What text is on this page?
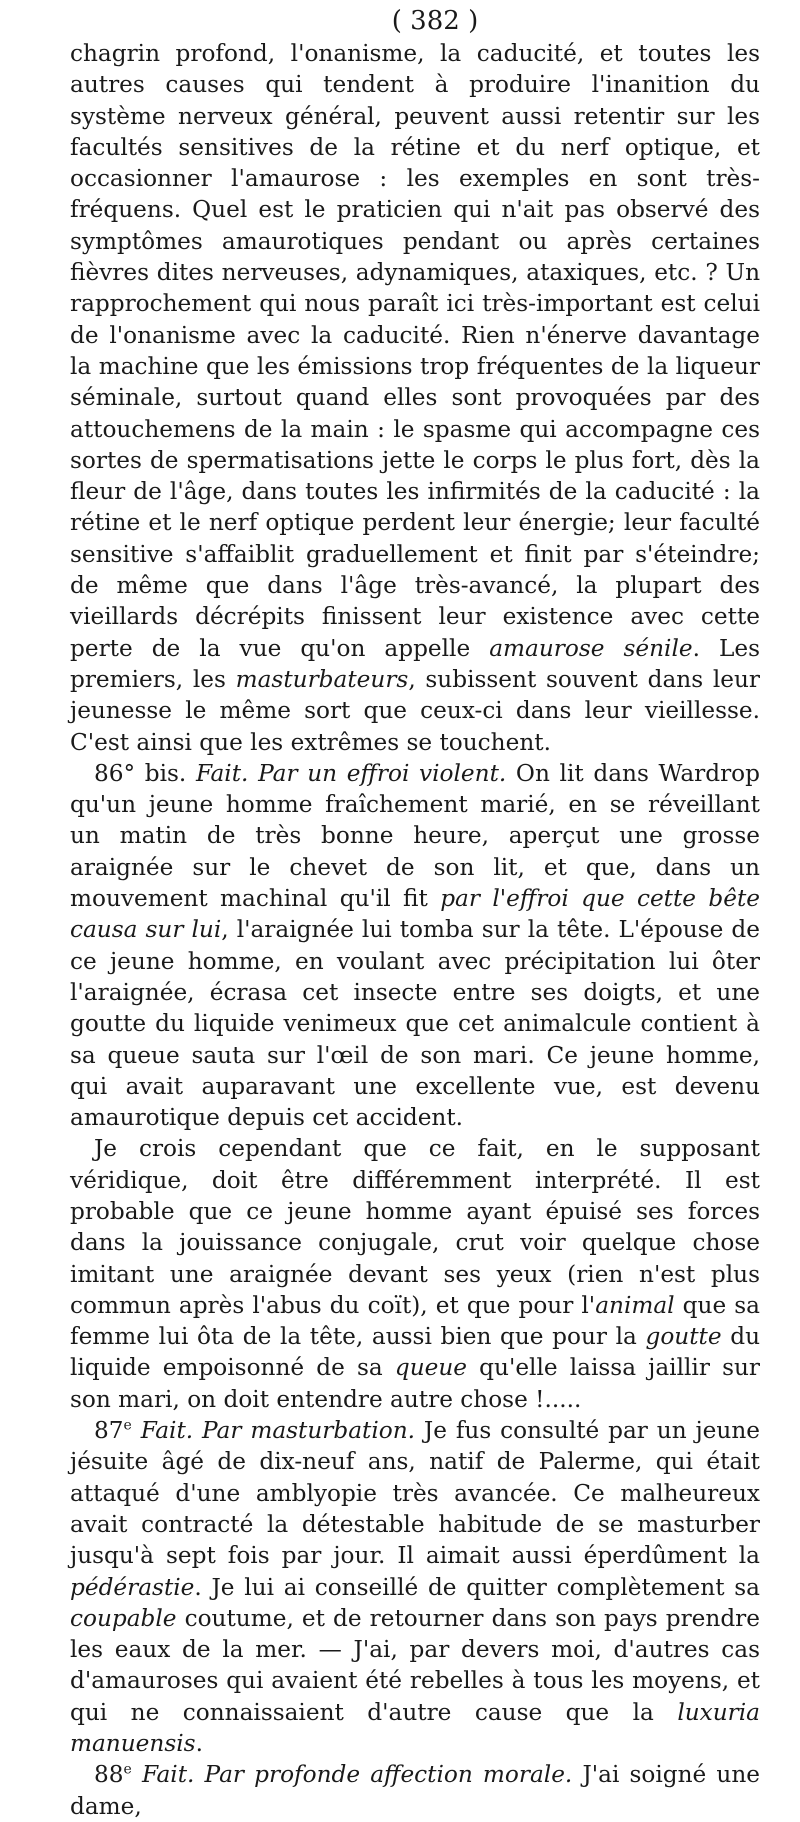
( 382 )

chagrin profond, l'onanisme, la caducité, et toutes les autres causes qui tendent à produire l'inanition du système nerveux général, peuvent aussi retentir sur les facultés sensitives de la rétine et du nerf optique, et occasionner l'amaurose : les exemples en sont très-fréquens. Quel est le praticien qui n'ait pas observé des symptômes amaurotiques pendant ou après certaines fièvres dites nerveuses, adynamiques, ataxiques, etc. ? Un rapprochement qui nous paraît ici très-important est celui de l'onanisme avec la caducité. Rien n'énerve davantage la machine que les émissions trop fréquentes de la liqueur séminale, surtout quand elles sont provoquées par des attouchemens de la main : le spasme qui accompagne ces sortes de spermatisations jette le corps le plus fort, dès la fleur de l'âge, dans toutes les infirmités de la caducité : la rétine et le nerf optique perdent leur énergie; leur faculté sensitive s'affaiblit graduellement et finit par s'éteindre; de même que dans l'âge très-avancé, la plupart des vieillards décrépits finissent leur existence avec cette perte de la vue qu'on appelle amaurose sénile. Les premiers, les masturbateurs, subissent souvent dans leur jeunesse le même sort que ceux-ci dans leur vieillesse. C'est ainsi que les extrêmes se touchent.

86° bis. Fait. Par un effroi violent. On lit dans Wardrop qu'un jeune homme fraîchement marié, en se réveillant un matin de très bonne heure, aperçut une grosse araignée sur le chevet de son lit, et que, dans un mouvement machinal qu'il fit par l'effroi que cette bête causa sur lui, l'araignée lui tomba sur la tête. L'épouse de ce jeune homme, en voulant avec précipitation lui ôter l'araignée, écrasa cet insecte entre ses doigts, et une goutte du liquide venimeux que cet animalcule contient à sa queue sauta sur l'œil de son mari. Ce jeune homme, qui avait auparavant une excellente vue, est devenu amaurotique depuis cet accident.

Je crois cependant que ce fait, en le supposant véridique, doit être différemment interprété. Il est probable que ce jeune homme ayant épuisé ses forces dans la jouissance conjugale, crut voir quelque chose imitant une araignée devant ses yeux (rien n'est plus commun après l'abus du coït), et que pour l'animal que sa femme lui ôta de la tête, aussi bien que pour la goutte du liquide empoisonné de sa queue qu'elle laissa jaillir sur son mari, on doit entendre autre chose !.....

87e Fait. Par masturbation. Je fus consulté par un jeune jésuite âgé de dix-neuf ans, natif de Palerme, qui était attaqué d'une amblyopie très avancée. Ce malheureux avait contracté la détestable habitude de se masturber jusqu'à sept fois par jour. Il aimait aussi éperdûment la pédérastie. Je lui ai conseillé de quitter complètement sa coupable coutume, et de retourner dans son pays prendre les eaux de la mer. — J'ai, par devers moi, d'autres cas d'amauroses qui avaient été rebelles à tous les moyens, et qui ne connaissaient d'autre cause que la luxuria manuensis.

88e Fait. Par profonde affection morale. J'ai soigné une dame,
